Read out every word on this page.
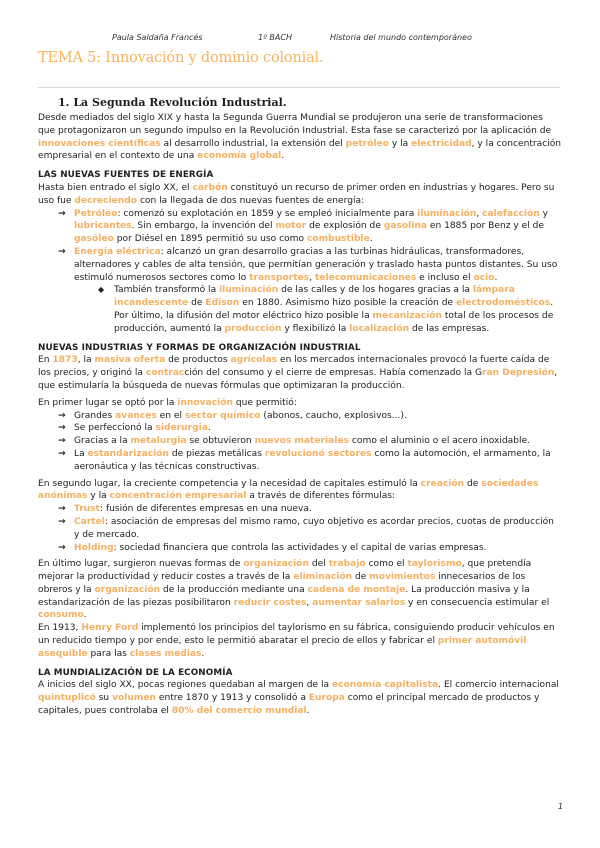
Paula Saldaña Francés	1º BACH	Historia del mundo contemporáneo
TEMA 5: Innovación y dominio colonial.

1. La Segunda Revolución Industrial.

Desde mediados del siglo XIX y hasta la Segunda Guerra Mundial se produjeron una serie de transformaciones que protagonizaron un segundo impulso en la Revolución Industrial. Esta fase se caracterizó por la aplicación de innovaciones científicas al desarrollo industrial, la extensión del petróleo y la electricidad, y la concentración empresarial en el contexto de una economía global.

LAS NUEVAS FUENTES DE ENERGÍA

Hasta bien entrado el siglo XX, el carbón constituyó un recurso de primer orden en industrias y hogares. Pero su uso fue decreciendo con la llegada de dos nuevas fuentes de energía:

→ Petróleo: comenzó su explotación en 1859 y se empleó inicialmente para iluminación, calefacción y lubricantes. Sin embargo, la invención del motor de explosión de gasolina en 1885 por Benz y el de gasóleo por Diésel en 1895 permitió su uso como combustible.
→ Energía eléctrica: alcanzó un gran desarrollo gracias a las turbinas hidráulicas, transformadores, alternadores y cables de alta tensión, que permitían generación y traslado hasta puntos distantes. Su uso estimuló numerosos sectores como lo transportes, telecomunicaciones e incluso el ocio.
◆ También transformó la iluminación de las calles y de los hogares gracias a la lámpara incandescente de Edison en 1880. Asimismo hizo posible la creación de electrodomésticos. Por último, la difusión del motor eléctrico hizo posible la mecanización total de los procesos de producción, aumentó la producción y flexibilizó la localización de las empresas.

NUEVAS INDUSTRIAS Y FORMAS DE ORGANIZACIÓN INDUSTRIAL

En 1873, la masiva oferta de productos agrícolas en los mercados internacionales provocó la fuerte caída de los precios, y originó la contracción del consumo y el cierre de empresas. Había comenzado la Gran Depresión, que estimularía la búsqueda de nuevas fórmulas que optimizaran la producción.

En primer lugar se optó por la innovación que permitió:

→ Grandes avances en el sector químico (abonos, caucho, explosivos...).
→ Se perfeccionó la siderurgia.
→ Gracias a la metalurgia se obtuvieron nuevos materiales como el aluminio o el acero inoxidable.
→ La estandarización de piezas metálicas revolucionó sectores como la automoción, el armamento, la aeronáutica y las técnicas constructivas.

En segundo lugar, la creciente competencia y la necesidad de capitales estimuló la creación de sociedades anónimas y la concentración empresarial a través de diferentes fórmulas:

→ Trust: fusión de diferentes empresas en una nueva.
→ Cartel: asociación de empresas del mismo ramo, cuyo objetivo es acordar precios, cuotas de producción y de mercado.
→ Holding: sociedad financiera que controla las actividades y el capital de varias empresas.

En último lugar, surgieron nuevas formas de organización del trabajo como el taylorismo, que pretendía mejorar la productividad y reducir costes a través de la eliminación de movimientos innecesarios de los obreros y la organización de la producción mediante una cadena de montaje. La producción masiva y la estandarización de las piezas posibilitaron reducir costes, aumentar salarios y en consecuencia estimular el consumo.

En 1913, Henry Ford implementó los principios del taylorismo en su fábrica, consiguiendo producir vehículos en un reducido tiempo y por ende, esto le permitió abaratar el precio de ellos y fabricar el primer automóvil asequible para las clases medias.

LA MUNDIALIZACIÓN DE LA ECONOMÍA

A inicios del siglo XX, pocas regiones quedaban al margen de la economía capitalista. El comercio internacional quintuplicó su volumen entre 1870 y 1913 y consolidó a Europa como el principal mercado de productos y capitales, pues controlaba el 80% del comercio mundial.

1
